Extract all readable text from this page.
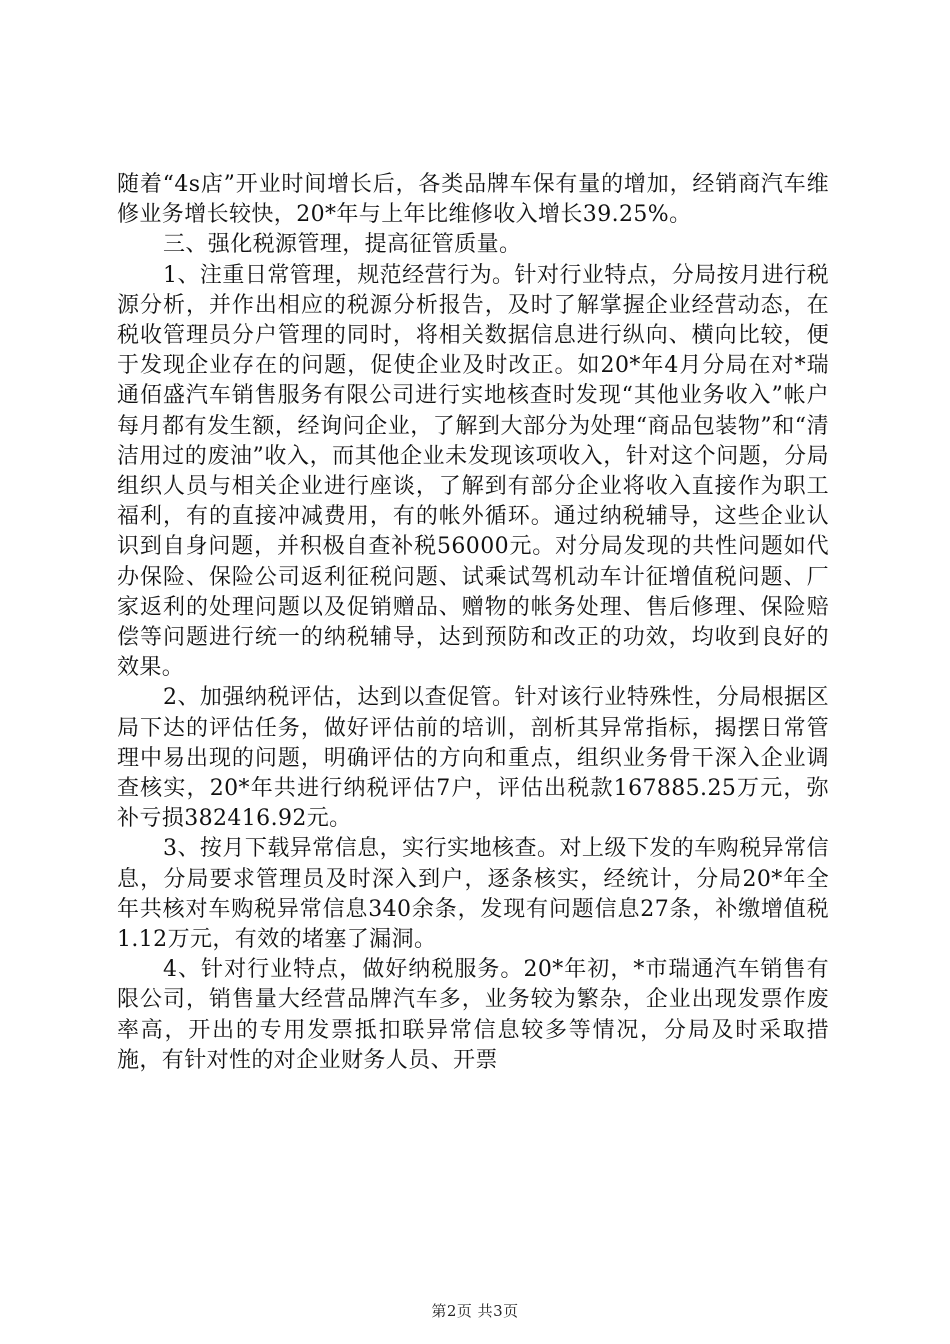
随着“4s店”开业时间增长后，各类品牌车保有量的增加，经销商汽车维修业务增长较快，20*年与上年比维修收入增长39.25%。

三、强化税源管理，提高征管质量。

1、注重日常管理，规范经营行为。针对行业特点，分局按月进行税源分析，并作出相应的税源分析报告，及时了解掌握企业经营动态，在税收管理员分户管理的同时，将相关数据信息进行纵向、横向比较，便于发现企业存在的问题，促使企业及时改正。如20*年4月分局在对*瑞通佰盛汽车销售服务有限公司进行实地核查时发现“其他业务收入”帐户每月都有发生额，经询问企业，了解到大部分为处理“商品包装物”和“清洁用过的废油”收入，而其他企业未发现该项收入，针对这个问题，分局组织人员与相关企业进行座谈，了解到有部分企业将收入直接作为职工福利，有的直接冲减费用，有的帐外循环。通过纳税辅导，这些企业认识到自身问题，并积极自查补税56000元。对分局发现的共性问题如代办保险、保险公司返利征税问题、试乘试驾机动车计征增值税问题、厂家返利的处理问题以及促销赠品、赠物的帐务处理、售后修理、保险赔偿等问题进行统一的纳税辅导，达到预防和改正的功效，均收到良好的效果。

2、加强纳税评估，达到以查促管。针对该行业特殊性，分局根据区局下达的评估任务，做好评估前的培训，剖析其异常指标，揭摆日常管理中易出现的问题，明确评估的方向和重点，组织业务骨干深入企业调查核实，20*年共进行纳税评估7户，评估出税款167885.25万元，弥补亏损382416.92元。

3、按月下载异常信息，实行实地核查。对上级下发的车购税异常信息，分局要求管理员及时深入到户，逐条核实，经统计，分局20*年全年共核对车购税异常信息340余条，发现有问题信息27条，补缴增值税1.12万元，有效的堵塞了漏洞。

4、针对行业特点，做好纳税服务。20*年初，*市瑞通汽车销售有限公司，销售量大经营品牌汽车多，业务较为繁杂，企业出现发票作废率高，开出的专用发票抵扣联异常信息较多等情况，分局及时采取措施，有针对性的对企业财务人员、开票

第2页 共3页
